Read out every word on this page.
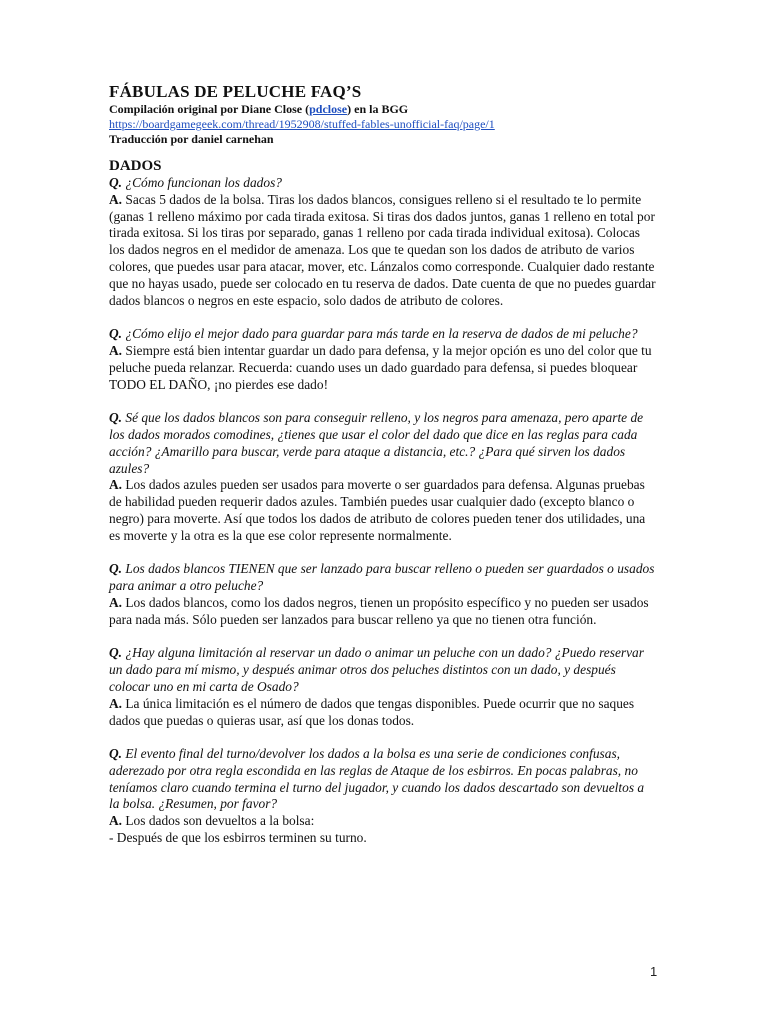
FÁBULAS DE PELUCHE FAQ’S

Compilación original por Diane Close (pdclose) en la BGG

https://boardgamegeek.com/thread/1952908/stuffed-fables-unofficial-faq/page/1

Traducción por daniel carnehan

DADOS

Q. ¿Cómo funcionan los dados?

A. Sacas 5 dados de la bolsa. Tiras los dados blancos, consigues relleno si el resultado te lo permite (ganas 1 relleno máximo por cada tirada exitosa. Si tiras dos dados juntos, ganas 1 relleno en total por tirada exitosa. Si los tiras por separado, ganas 1 relleno por cada tirada individual exitosa). Colocas los dados negros en el medidor de amenaza. Los que te quedan son los dados de atributo de varios colores, que puedes usar para atacar, mover, etc. Lánzalos como corresponde. Cualquier dado restante que no hayas usado, puede ser colocado en tu reserva de dados. Date cuenta de que no puedes guardar dados blancos o negros en este espacio, solo dados de atributo de colores.

Q. ¿Cómo elijo el mejor dado para guardar para más tarde en la reserva de dados de mi peluche?

A. Siempre está bien intentar guardar un dado para defensa, y la mejor opción es uno del color que tu peluche pueda relanzar. Recuerda: cuando uses un dado guardado para defensa, si puedes bloquear TODO EL DAÑO, ¡no pierdes ese dado!

Q. Sé que los dados blancos son para conseguir relleno, y los negros para amenaza, pero aparte de los dados morados comodines, ¿tienes que usar el color del dado que dice en las reglas para cada acción? ¿Amarillo para buscar, verde para ataque a distancia, etc.? ¿Para qué sirven los dados azules?

A. Los dados azules pueden ser usados para moverte o ser guardados para defensa. Algunas pruebas de habilidad pueden requerir dados azules. También puedes usar cualquier dado (excepto blanco o negro) para moverte. Así que todos los dados de atributo de colores pueden tener dos utilidades, una es moverte y la otra es la que ese color represente normalmente.

Q. Los dados blancos TIENEN que ser lanzado para buscar relleno o pueden ser guardados o usados para animar a otro peluche?

A. Los dados blancos, como los dados negros, tienen un propósito específico y no pueden ser usados para nada más. Sólo pueden ser lanzados para buscar relleno ya que no tienen otra función.

Q. ¿Hay alguna limitación al reservar un dado o animar un peluche con un dado? ¿Puedo reservar un dado para mí mismo, y después animar otros dos peluches distintos con un dado, y después colocar uno en mi carta de Osado?

A. La única limitación es el número de dados que tengas disponibles. Puede ocurrir que no saques dados que puedas o quieras usar, así que los donas todos.

Q. El evento final del turno/devolver los dados a la bolsa es una serie de condiciones confusas, aderezado por otra regla escondida en las reglas de Ataque de los esbirros. En pocas palabras, no teníamos claro cuando termina el turno del jugador, y cuando los dados descartado son devueltos a la bolsa. ¿Resumen, por favor?

A. Los dados son devueltos a la bolsa:

- Después de que los esbirros terminen su turno.

1
